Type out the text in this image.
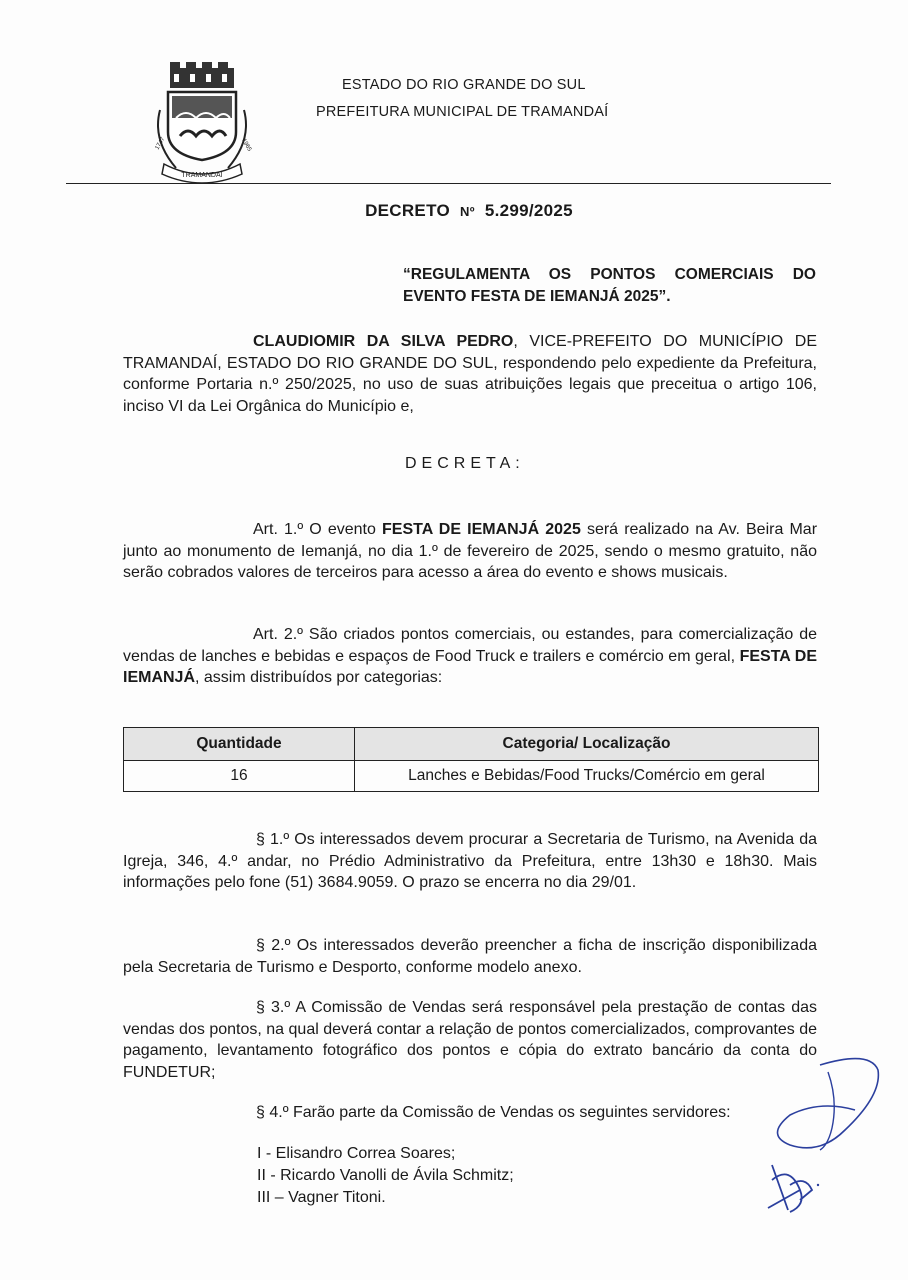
TRAMANDAÍ
1747	1965
ESTADO DO RIO GRANDE DO SUL
PREFEITURA MUNICIPAL DE TRAMANDAÍ
DECRETO Nº 5.299/2025
“REGULAMENTA OS PONTOS COMERCIAIS DO EVENTO FESTA DE IEMANJÁ 2025”.
CLAUDIOMIR DA SILVA PEDRO, VICE-PREFEITO DO MUNICÍPIO DE TRAMANDAÍ, ESTADO DO RIO GRANDE DO SUL, respondendo pelo expediente da Prefeitura, conforme Portaria n.º 250/2025, no uso de suas atribuições legais que preceitua o artigo 106, inciso VI da Lei Orgânica do Município e,
DECRETA:
Art. 1.º O evento FESTA DE IEMANJÁ 2025 será realizado na Av. Beira Mar junto ao monumento de Iemanjá, no dia 1.º de fevereiro de 2025, sendo o mesmo gratuito, não serão cobrados valores de terceiros para acesso a área do evento e shows musicais.
Art. 2.º São criados pontos comerciais, ou estandes, para comercialização de vendas de lanches e bebidas e espaços de Food Truck e trailers e comércio em geral, FESTA DE IEMANJÁ, assim distribuídos por categorias:
Quantidade	Categoria/ Localização
16	Lanches e Bebidas/Food Trucks/Comércio em geral
§ 1.º Os interessados devem procurar a Secretaria de Turismo, na Avenida da Igreja, 346, 4.º andar, no Prédio Administrativo da Prefeitura, entre 13h30 e 18h30. Mais informações pelo fone (51) 3684.9059. O prazo se encerra no dia 29/01.
§ 2.º Os interessados deverão preencher a ficha de inscrição disponibilizada pela Secretaria de Turismo e Desporto, conforme modelo anexo.
§ 3.º A Comissão de Vendas será responsável pela prestação de contas das vendas dos pontos, na qual deverá contar a relação de pontos comercializados, comprovantes de pagamento, levantamento fotográfico dos pontos e cópia do extrato bancário da conta do FUNDETUR;
§ 4.º Farão parte da Comissão de Vendas os seguintes servidores:
I - Elisandro Correa Soares;
II - Ricardo Vanolli de Ávila Schmitz;
III – Vagner Titoni.
